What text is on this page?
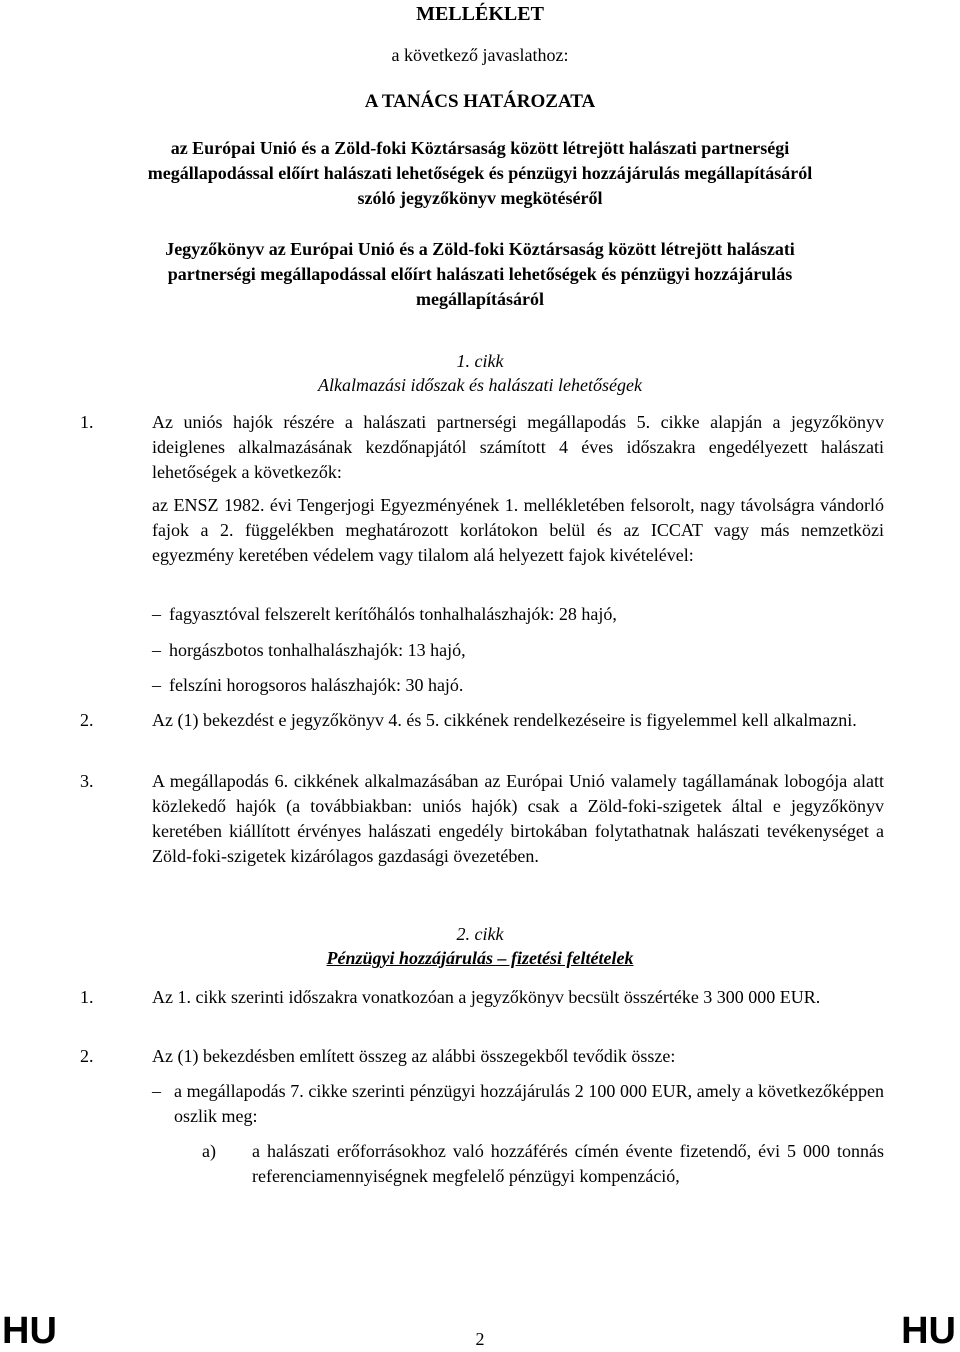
MELLÉKLET
a következő javaslathoz:
A TANÁCS HATÁROZATA
az Európai Unió és a Zöld-foki Köztársaság között létrejött halászati partnerségi
megállapodással előírt halászati lehetőségek és pénzügyi hozzájárulás megállapításáról
szóló jegyzőkönyv megkötéséről
Jegyzőkönyv az Európai Unió és a Zöld-foki Köztársaság között létrejött halászati
partnerségi megállapodással előírt halászati lehetőségek és pénzügyi hozzájárulás
megállapításáról
1. cikk
Alkalmazási időszak és halászati lehetőségek
1.	Az uniós hajók részére a halászati partnerségi megállapodás 5. cikke alapján a jegyzőkönyv ideiglenes alkalmazásának kezdőnapjától számított 4 éves időszakra engedélyezett halászati lehetőségek a következők:
az ENSZ 1982. évi Tengerjogi Egyezményének 1. mellékletében felsorolt, nagy távolságra vándorló fajok a 2. függelékben meghatározott korlátokon belül és az ICCAT vagy más nemzetközi egyezmény keretében védelem vagy tilalom alá helyezett fajok kivételével:
– fagyasztóval felszerelt kerítőhálós tonhalhalászhajók: 28 hajó,
– horgászbotos tonhalhalászhajók: 13 hajó,
– felszíni horogsoros halászhajók: 30 hajó.
2.	Az (1) bekezdést e jegyzőkönyv 4. és 5. cikkének rendelkezéseire is figyelemmel kell alkalmazni.
3.	A megállapodás 6. cikkének alkalmazásában az Európai Unió valamely tagállamának lobogója alatt közlekedő hajók (a továbbiakban: uniós hajók) csak a Zöld-foki-szigetek által e jegyzőkönyv keretében kiállított érvényes halászati engedély birtokában folytathatnak halászati tevékenységet a Zöld-foki-szigetek kizárólagos gazdasági övezetében.
2. cikk
Pénzügyi hozzájárulás – fizetési feltételek
1.	Az 1. cikk szerinti időszakra vonatkozóan a jegyzőkönyv becsült összértéke 3 300 000 EUR.
2.	Az (1) bekezdésben említett összeg az alábbi összegekből tevődik össze:
– a megállapodás 7. cikke szerinti pénzügyi hozzájárulás 2 100 000 EUR, amely a következőképpen oszlik meg:
a) a halászati erőforrásokhoz való hozzáférés címén évente fizetendő, évi 5 000 tonnás referenciamennyiségnek megfelelő pénzügyi kompenzáció,
HU	2	HU
